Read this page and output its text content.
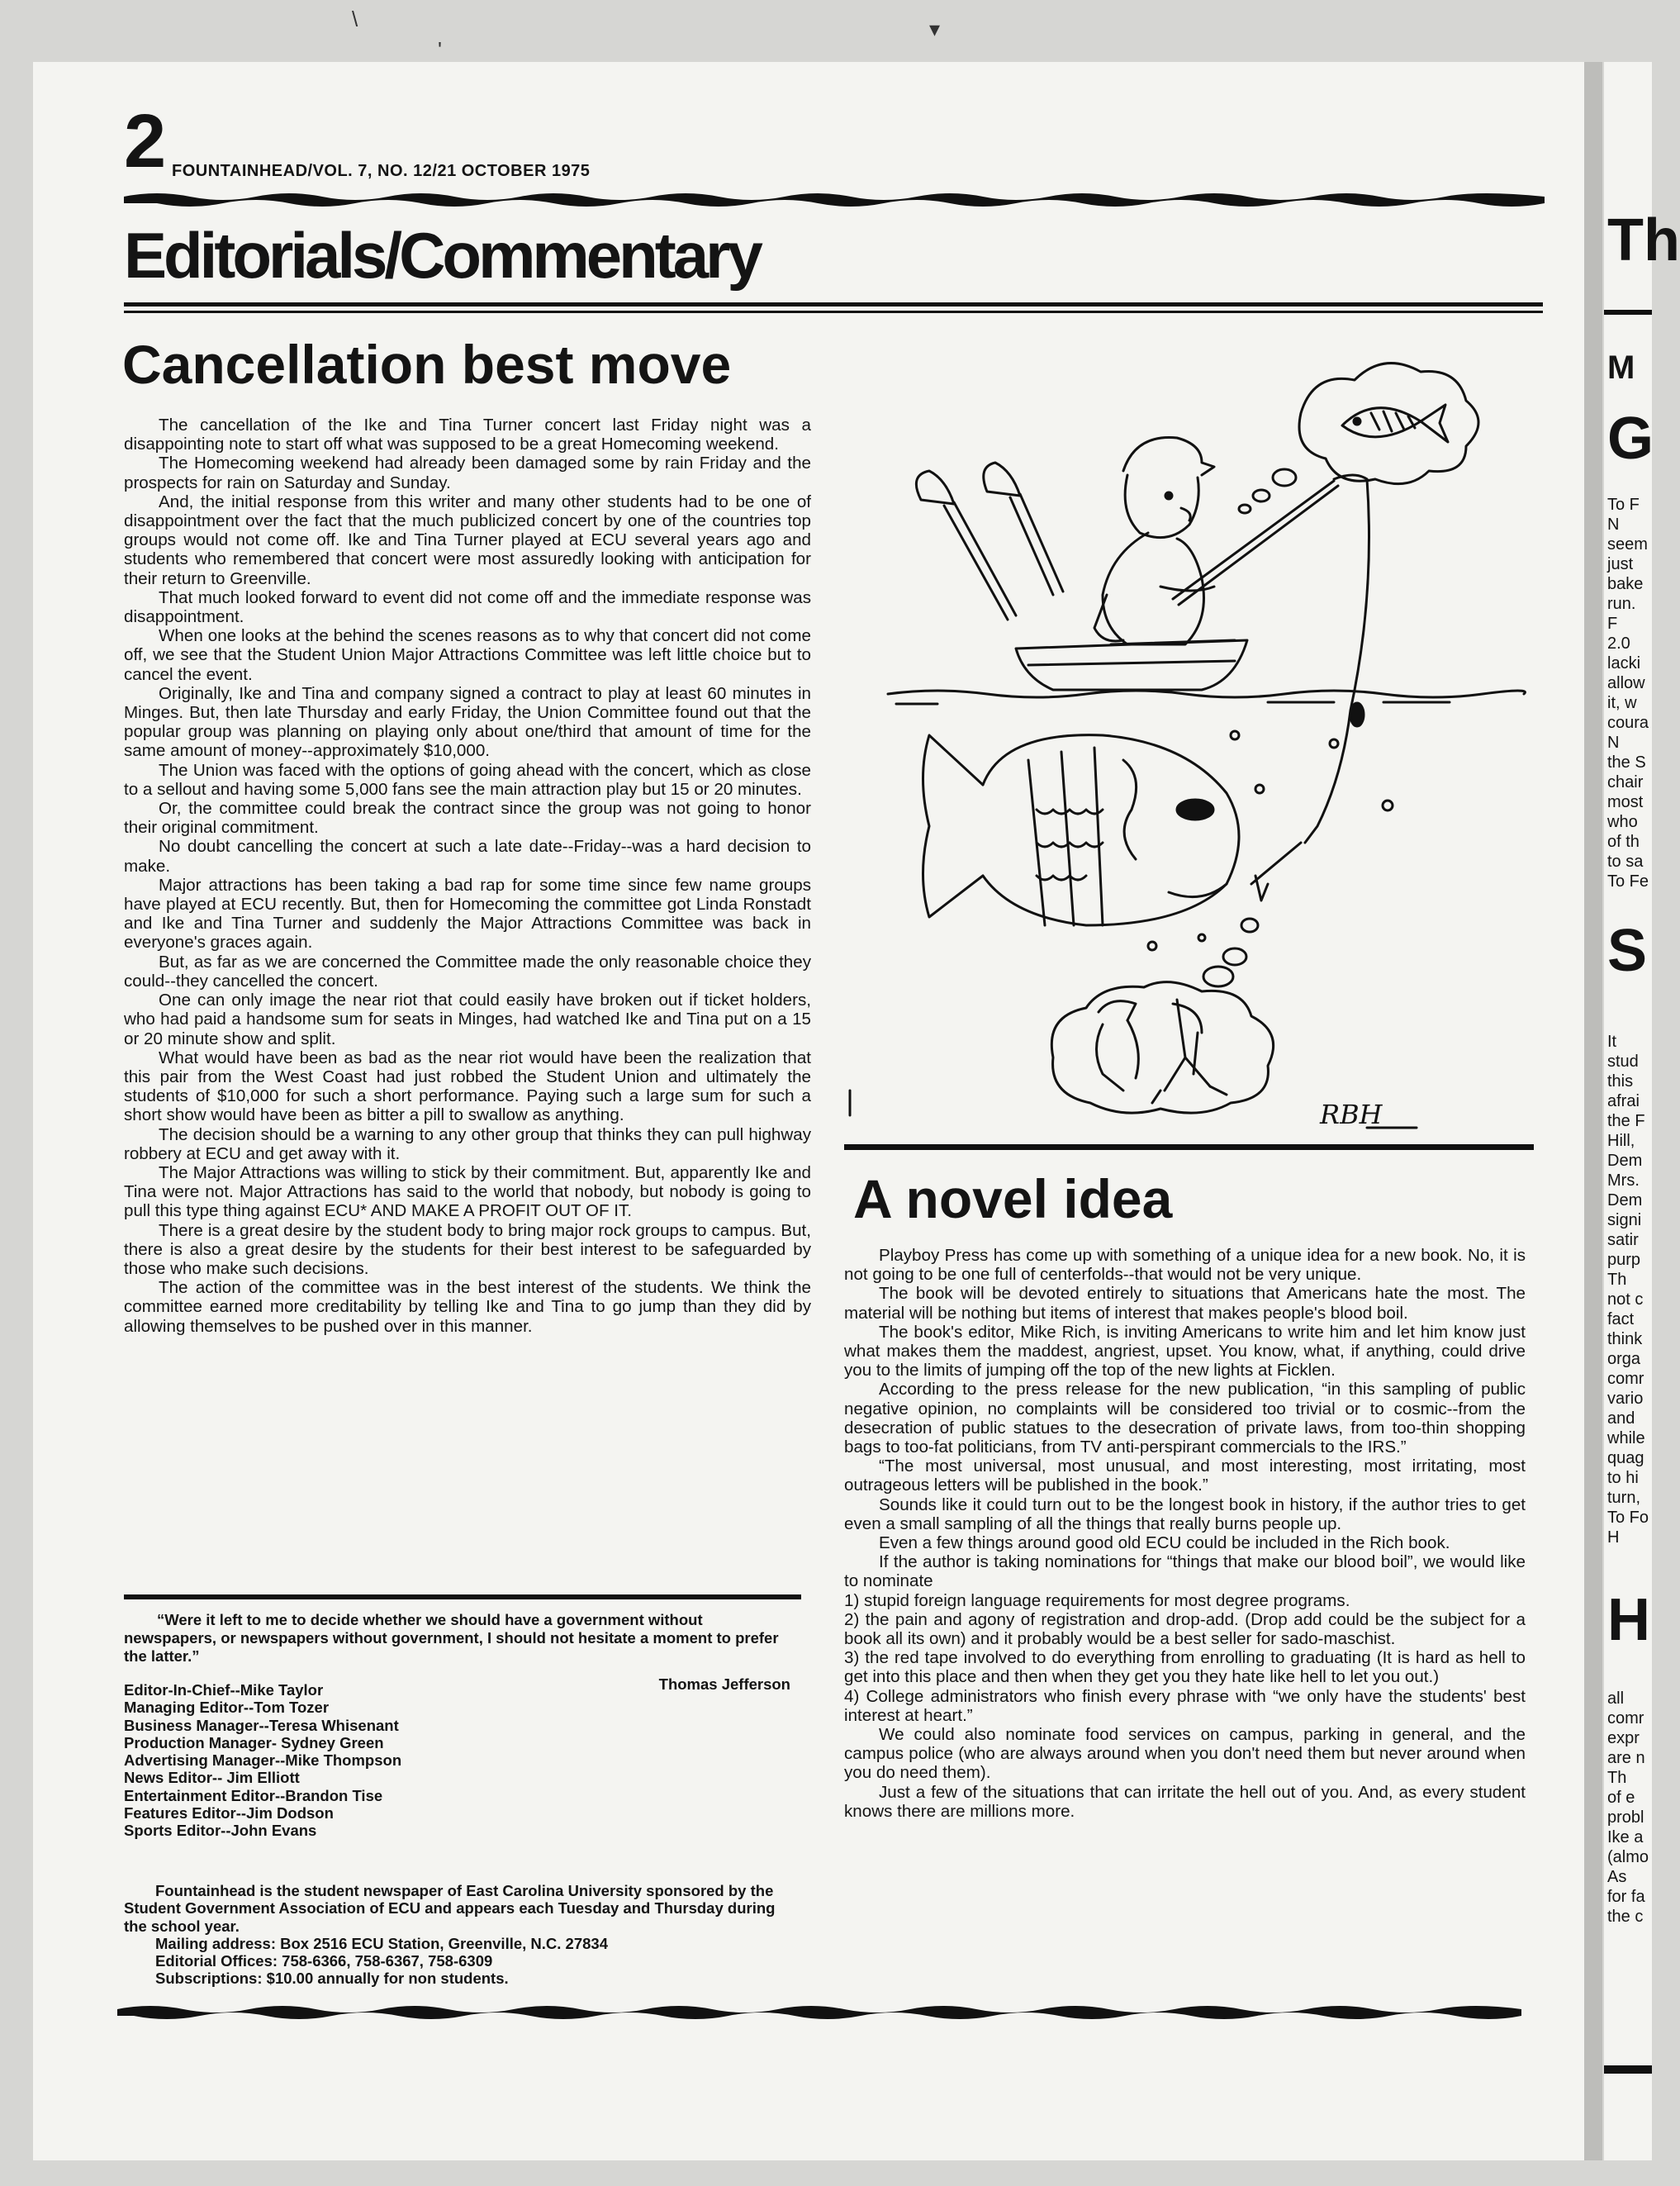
2 FOUNTAINHEAD/VOL. 7, NO. 12/21 OCTOBER 1975
Editorials/Commentary
Cancellation best move

The cancellation of the Ike and Tina Turner concert last Friday night was a disappointing note to start off what was supposed to be a great Homecoming weekend.

The Homecoming weekend had already been damaged some by rain Friday and the prospects for rain on Saturday and Sunday.

And, the initial response from this writer and many other students had to be one of disappointment over the fact that the much publicized concert by one of the countries top groups would not come off. Ike and Tina Turner played at ECU several years ago and students who remembered that concert were most assuredly looking with anticipation for their return to Greenville.

That much looked forward to event did not come off and the immediate response was disappointment.

When one looks at the behind the scenes reasons as to why that concert did not come off, we see that the Student Union Major Attractions Committee was left little choice but to cancel the event.

Originally, Ike and Tina and company signed a contract to play at least 60 minutes in Minges. But, then late Thursday and early Friday, the Union Committee found out that the popular group was planning on playing only about one/third that amount of time for the same amount of money--approximately $10,000.

The Union was faced with the options of going ahead with the concert, which as close to a sellout and having some 5,000 fans see the main attraction play but 15 or 20 minutes.

Or, the committee could break the contract since the group was not going to honor their original commitment.

No doubt cancelling the concert at such a late date--Friday--was a hard decision to make.

Major attractions has been taking a bad rap for some time since few name groups have played at ECU recently. But, then for Homecoming the committee got Linda Ronstadt and Ike and Tina Turner and suddenly the Major Attractions Committee was back in everyone's graces again.

But, as far as we are concerned the Committee made the only reasonable choice they could--they cancelled the concert.

One can only image the near riot that could easily have broken out if ticket holders, who had paid a handsome sum for seats in Minges, had watched Ike and Tina put on a 15 or 20 minute show and split.

What would have been as bad as the near riot would have been the realization that this pair from the West Coast had just robbed the Student Union and ultimately the students of $10,000 for such a short performance. Paying such a large sum for such a short show would have been as bitter a pill to swallow as anything.

The decision should be a warning to any other group that thinks they can pull highway robbery at ECU and get away with it.

The Major Attractions was willing to stick by their commitment. But, apparently Ike and Tina were not. Major Attractions has said to the world that nobody, but nobody is going to pull this type thing against ECU* AND MAKE A PROFIT OUT OF IT.

There is a great desire by the student body to bring major rock groups to campus. But, there is also a great desire by the students for their best interest to be safeguarded by those who make such decisions.

The action of the committee was in the best interest of the students. We think the committee earned more creditability by telling Ike and Tina to go jump than they did by allowing themselves to be pushed over in this manner.

“Were it left to me to decide whether we should have a government without newspapers, or newspapers without government, I should not hesitate a moment to prefer the latter.”

Thomas Jefferson

Editor-In-Chief--Mike Taylor
Managing Editor--Tom Tozer
Business Manager--Teresa Whisenant
Production Manager- Sydney Green
Advertising Manager--Mike Thompson
News Editor-- Jim Elliott
Entertainment Editor--Brandon Tise
Features Editor--Jim Dodson
Sports Editor--John Evans

Fountainhead is the student newspaper of East Carolina University sponsored by the Student Government Association of ECU and appears each Tuesday and Thursday during the school year.

Mailing address: Box 2516 ECU Station, Greenville, N.C. 27834

Editorial Offices: 758-6366, 758-6367, 758-6309

Subscriptions: $10.00 annually for non students.

RBH
A novel idea

Playboy Press has come up with something of a unique idea for a new book. No, it is not going to be one full of centerfolds--that would not be very unique.

The book will be devoted entirely to situations that Americans hate the most. The material will be nothing but items of interest that makes people's blood boil.

The book's editor, Mike Rich, is inviting Americans to write him and let him know just what makes them the maddest, angriest, upset. You know, what, if anything, could drive you to the limits of jumping off the top of the new lights at Ficklen.

According to the press release for the new publication, “in this sampling of public negative opinion, no complaints will be considered too trivial or to cosmic--from the desecration of public statues to the desecration of private laws, from too-thin shopping bags to too-fat politicians, from TV anti-perspirant commercials to the IRS.”

“The most universal, most unusual, and most interesting, most irritating, most outrageous letters will be published in the book.”

Sounds like it could turn out to be the longest book in history, if the author tries to get even a small sampling of all the things that really burns people up.

Even a few things around good old ECU could be included in the Rich book.

If the author is taking nominations for “things that make our blood boil”, we would like to nominate

1) stupid foreign language requirements for most degree programs.

2) the pain and agony of registration and drop-add. (Drop add could be the subject for a book all its own) and it probably would be a best seller for sado-maschist.

3) the red tape involved to do everything from enrolling to graduating (It is hard as hell to get into this place and then when they get you they hate like hell to let you out.)

4) College administrators who finish every phrase with “we only have the students' best interest at heart.”

We could also nominate food services on campus, parking in general, and the campus police (who are always around when you don't need them but never around when you do need them).

Just a few of the situations that can irritate the hell out of you. And, as every student knows there are millions more.

Th
M
G
S
H
To F
N
seem
just
bake
run.
F
2.0
lacki
allow
it, w
coura
N
the S
chair
most
who
of th
to sa
To Fe
It
stud
this
afrai
the F
Hill,
Dem
Mrs.
Dem
signi
satir
purp
Th
not c
fact
think
orga
comr
vario
and
while
quag
to hi
turn,
To Fo
H
all
comr
expr
are n
Th
of e
probl
Ike a
(almo
As
for fa
the c
\	▾
'
